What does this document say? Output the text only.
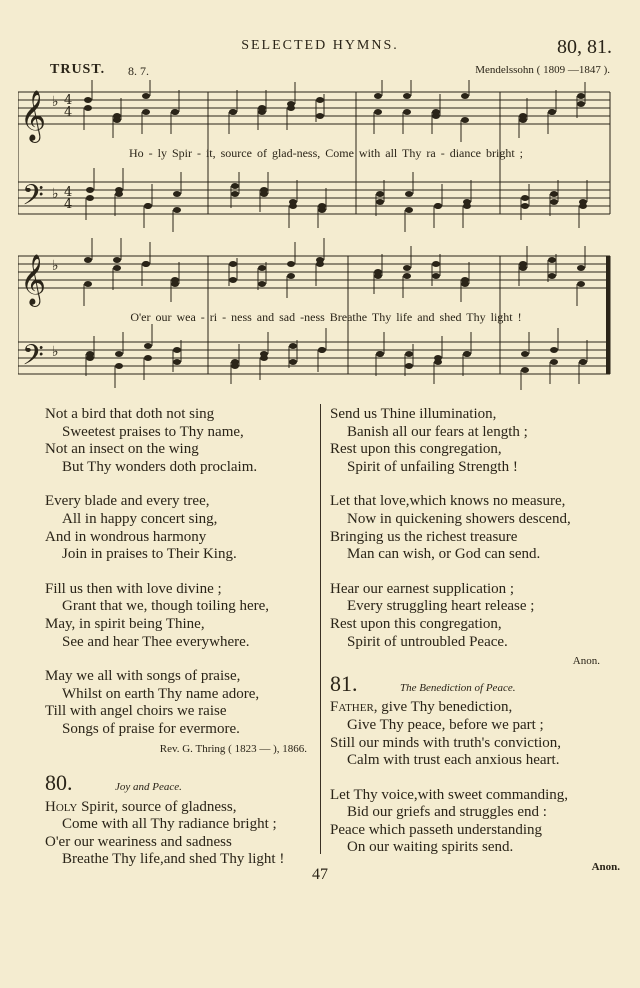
SELECTED HYMNS.	80, 81.
TRUST. 8. 7.	Mendelssohn ( 1809 —1847 ).
𝄞
𝄢
𝄞
𝄢
♭
♭
♭
♭
4
4
4
4
Ho - ly Spir - it, source of glad-ness, Come with all Thy ra - diance bright ;
O'er our wea - ri - ness and sad -ness Breathe Thy life and shed Thy light !
Not a bird that doth not sing
Sweetest praises to Thy name,
Not an insect on the wing
But Thy wonders doth proclaim.
Every blade and every tree,
All in happy concert sing,
And in wondrous harmony
Join in praises to Their King.
Fill us then with love divine ;
Grant that we, though toiling here,
May, in spirit being Thine,
See and hear Thee everywhere.
May we all with songs of praise,
Whilst on earth Thy name adore,
Till with angel choirs we raise
Songs of praise for evermore.
Rev. G. Thring ( 1823 — ), 1866.
80.	Joy and Peace.
Holy Spirit, source of gladness,
Come with all Thy radiance bright ;
O'er our weariness and sadness
Breathe Thy life,and shed Thy light !
Send us Thine illumination,
Banish all our fears at length ;
Rest upon this congregation,
Spirit of unfailing Strength !
Let that love,which knows no measure,
Now in quickening showers descend,
Bringing us the richest treasure
Man can wish, or God can send.
Hear our earnest supplication ;
Every struggling heart release ;
Rest upon this congregation,
Spirit of untroubled Peace.
Anon.
81.	The Benediction of Peace.
Father, give Thy benediction,
Give Thy peace, before we part ;
Still our minds with truth's conviction,
Calm with trust each anxious heart.
Let Thy voice,with sweet commanding,
Bid our griefs and struggles end :
Peace which passeth understanding
On our waiting spirits send.
Anon.
47
